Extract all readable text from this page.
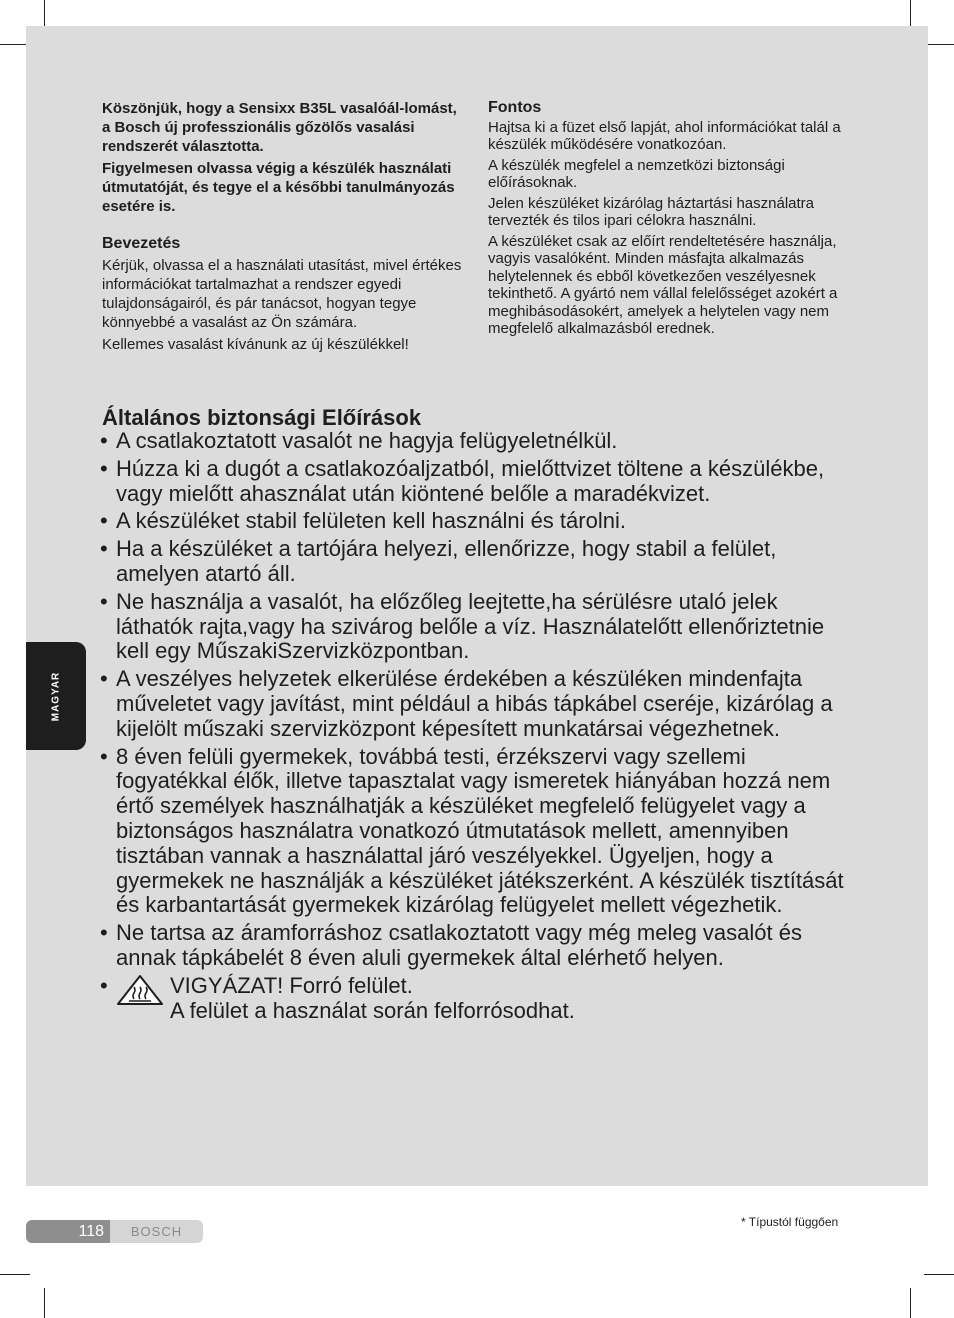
Köszönjük, hogy a Sensixx B35L vasalóál-lomást, a Bosch új professzionális gőzölős vasalási rendszerét választotta.

Figyelmesen olvassa végig a készülék használati útmutatóját, és tegye el a későbbi tanulmányozás esetére is.

Bevezetés

Kérjük, olvassa el a használati utasítást, mivel értékes információkat tartalmazhat a rendszer egyedi tulajdonságairól, és pár tanácsot, hogyan tegye könnyebbé a vasalást az Ön számára.

Kellemes vasalást kívánunk az új készülékkel!

Fontos

Hajtsa ki a füzet első lapját, ahol információkat talál a készülék működésére vonatkozóan.

A készülék megfelel a nemzetközi biztonsági előírásoknak.

Jelen készüléket kizárólag háztartási használatra tervezték és tilos ipari célokra használni.

A készüléket csak az előírt rendeltetésére használja, vagyis vasalóként. Minden másfajta alkalmazás helytelennek és ebből következően veszélyesnek tekinthető. A gyártó nem vállal felelősséget azokért a meghibásodásokért, amelyek a helytelen vagy nem megfelelő alkalmazásból erednek.

Általános biztonsági Előírások
• A csatlakoztatott vasalót ne hagyja felügyeletnélkül.
• Húzza ki a dugót a csatlakozóaljzatból, mielőttvizet töltene a készülékbe, vagy mielőtt ahasználat után kiöntené belőle a maradékvizet.
• A készüléket stabil felületen kell használni és tárolni.
• Ha a készüléket a tartójára helyezi, ellenőrizze, hogy stabil a felület, amelyen atartó áll.
• Ne használja a vasalót, ha előzőleg leejtette,ha sérülésre utaló jelek láthatók rajta,vagy ha szivárog belőle a víz. Használatelőtt ellenőriztetnie kell egy MűszakiSzervizközpontban.
• A veszélyes helyzetek elkerülése érdekében a készüléken mindenfajta műveletet vagy javítást, mint például a hibás tápkábel cseréje, kizárólag a kijelölt műszaki szervizközpont képesített munkatársai végezhetnek.
• 8 éven felüli gyermekek, továbbá testi, érzékszervi vagy szellemi fogyatékkal élők, illetve tapasztalat vagy ismeretek hiányában hozzá nem értő személyek használhatják a készüléket megfelelő felügyelet vagy a biztonságos használatra vonatkozó útmutatások mellett, amennyiben tisztában vannak a használattal járó veszélyekkel. Ügyeljen, hogy a gyermekek ne használják a készüléket játékszerként. A készülék tisztítását és karbantartását gyermekek kizárólag felügyelet mellett végezhetik.
• Ne tartsa az áramforráshoz csatlakoztatott vagy még meleg vasalót és annak tápkábelét 8 éven aluli gyermekek által elérhető helyen.
•	VIGYÁZAT! Forró felület.
A felület a használat során felforrósodhat.
MAGYAR
118	BOSCH
* Típustól függően
